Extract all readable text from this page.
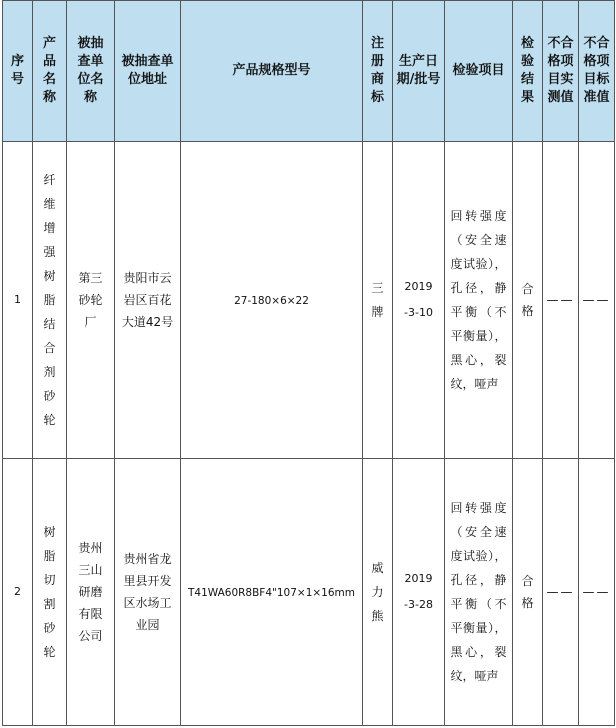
序号	产品名称	被抽查单位名称	被抽查单位地址	产品规格型号	注册商标	生产日期/批号	检验项目	检验结果	不合格项目实测值	不合格项目标准值
1	纤维增强树脂结合剂砂轮	第三砂轮厂	贵阳市云岩区百花大道42号	27-180×6×22	三牌	2019-3-10	回转强度（安全速度试验），孔径，静平衡（不平衡量），黑心，裂纹，哑声	合格	——	——
2	树脂切割砂轮	贵州三山研磨有限公司	贵州省龙里县开发区水场工业园	T41WA60R8BF4"107×1×16mm	威力熊	2019-3-28	回转强度（安全速度试验），孔径，静平衡（不平衡量），黑心，裂纹，哑声	合格	——	——
